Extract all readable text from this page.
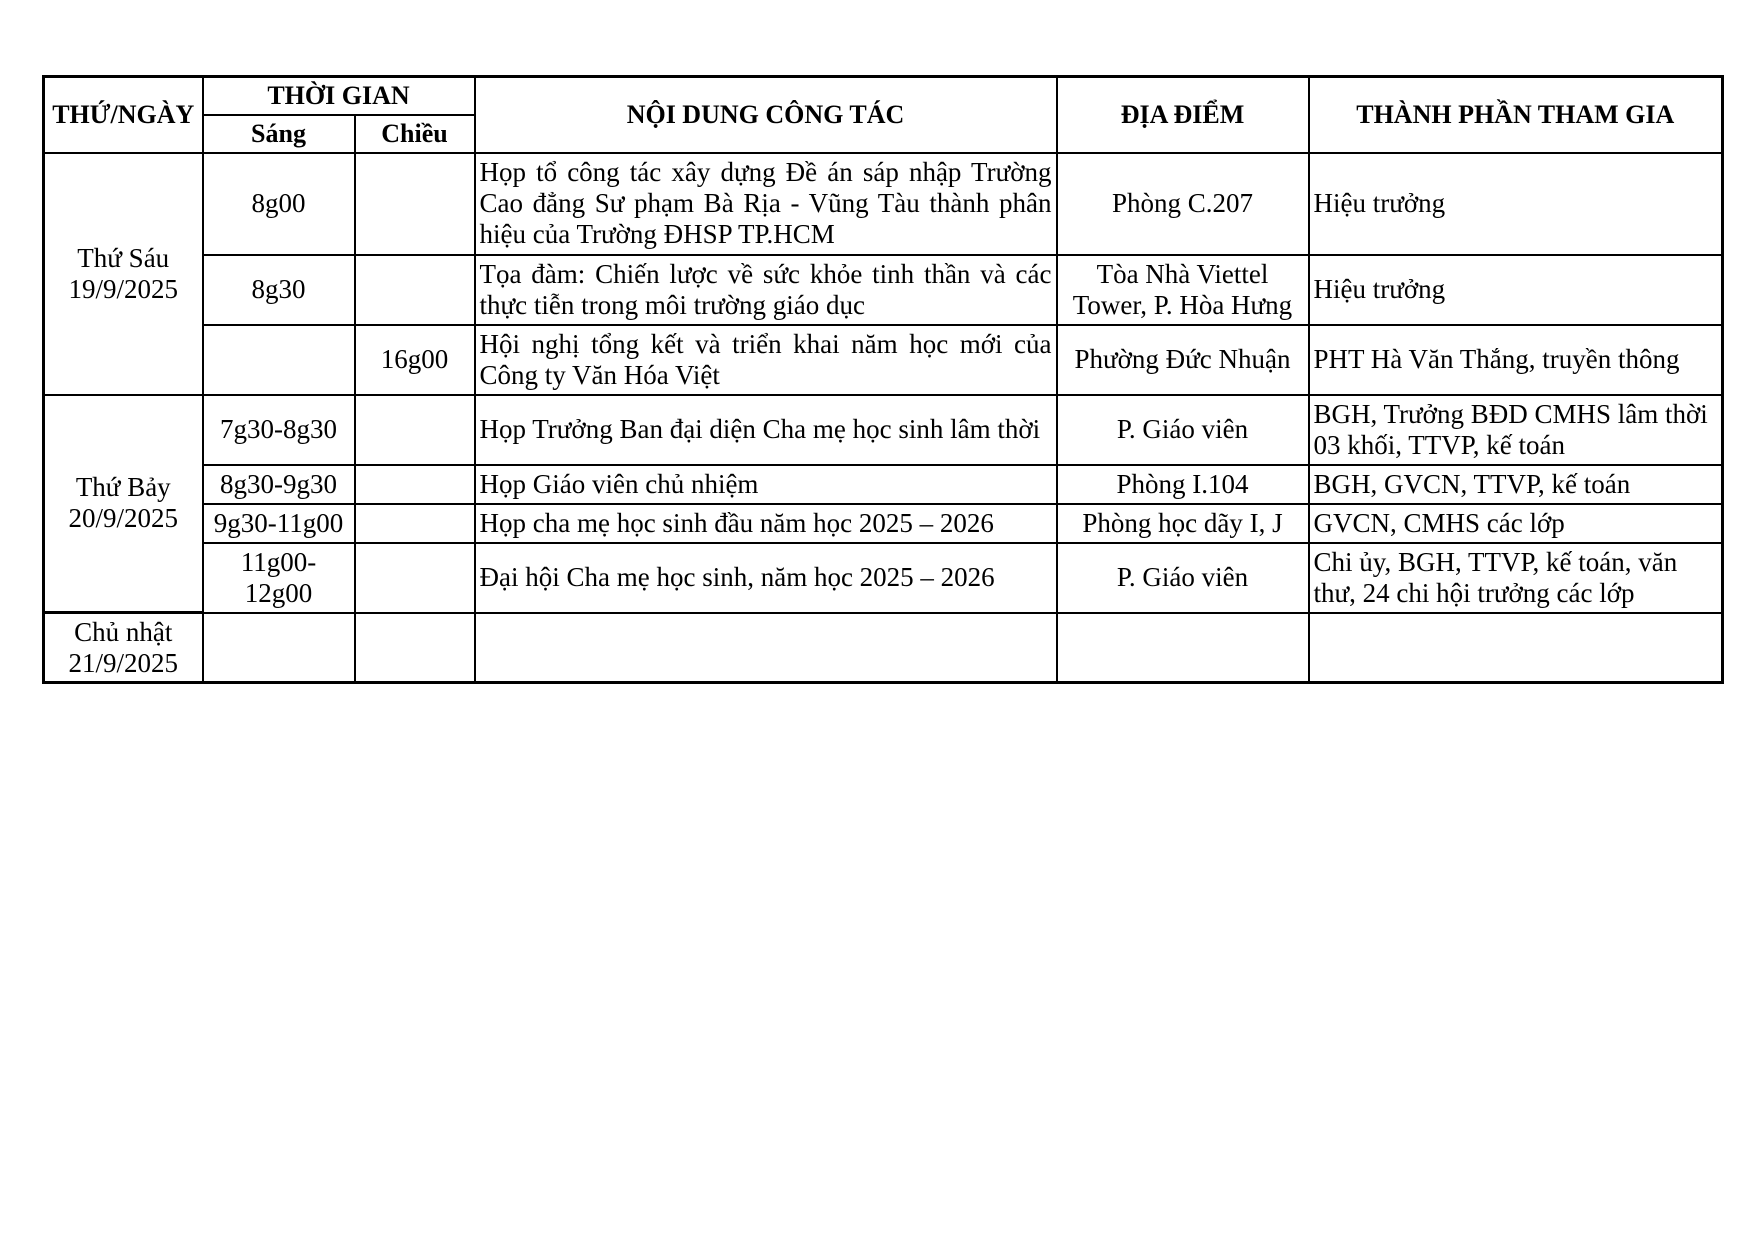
THỨ/NGÀY	THỜI GIAN		NỘI DUNG CÔNG TÁC	ĐỊA ĐIỂM	THÀNH PHẦN THAM GIA
	Sáng	Chiều			

Thứ Sáu
19/9/2025	8g00		Họp tổ công tác xây dựng Đề án sáp nhập Trường Cao đẳng Sư phạm Bà Rịa - Vũng Tàu thành phân hiệu của Trường ĐHSP TP.HCM	Phòng C.207	Hiệu trưởng
	8g30		Tọa đàm: Chiến lược về sức khỏe tinh thần và các thực tiễn trong môi trường giáo dục	Tòa Nhà Viettel Tower, P. Hòa Hưng	Hiệu trưởng
		16g00	Hội nghị tổng kết và triển khai năm học mới của Công ty Văn Hóa Việt	Phường Đức Nhuận	PHT Hà Văn Thắng, truyền thông

Thứ Bảy
20/9/2025	7g30-8g30		Họp Trưởng Ban đại diện Cha mẹ học sinh lâm thời	P. Giáo viên	BGH, Trưởng BĐD CMHS lâm thời 03 khối, TTVP, kế toán
	8g30-9g30		Họp Giáo viên chủ nhiệm	Phòng I.104	BGH, GVCN, TTVP, kế toán
	9g30-11g00		Họp cha mẹ học sinh đầu năm học 2025 – 2026	Phòng học dãy I, J	GVCN, CMHS các lớp
	11g00-12g00		Đại hội Cha mẹ học sinh, năm học 2025 – 2026	P. Giáo viên	Chi ủy, BGH, TTVP, kế toán, văn thư, 24 chi hội trưởng các lớp

Chủ nhật
21/9/2025					
